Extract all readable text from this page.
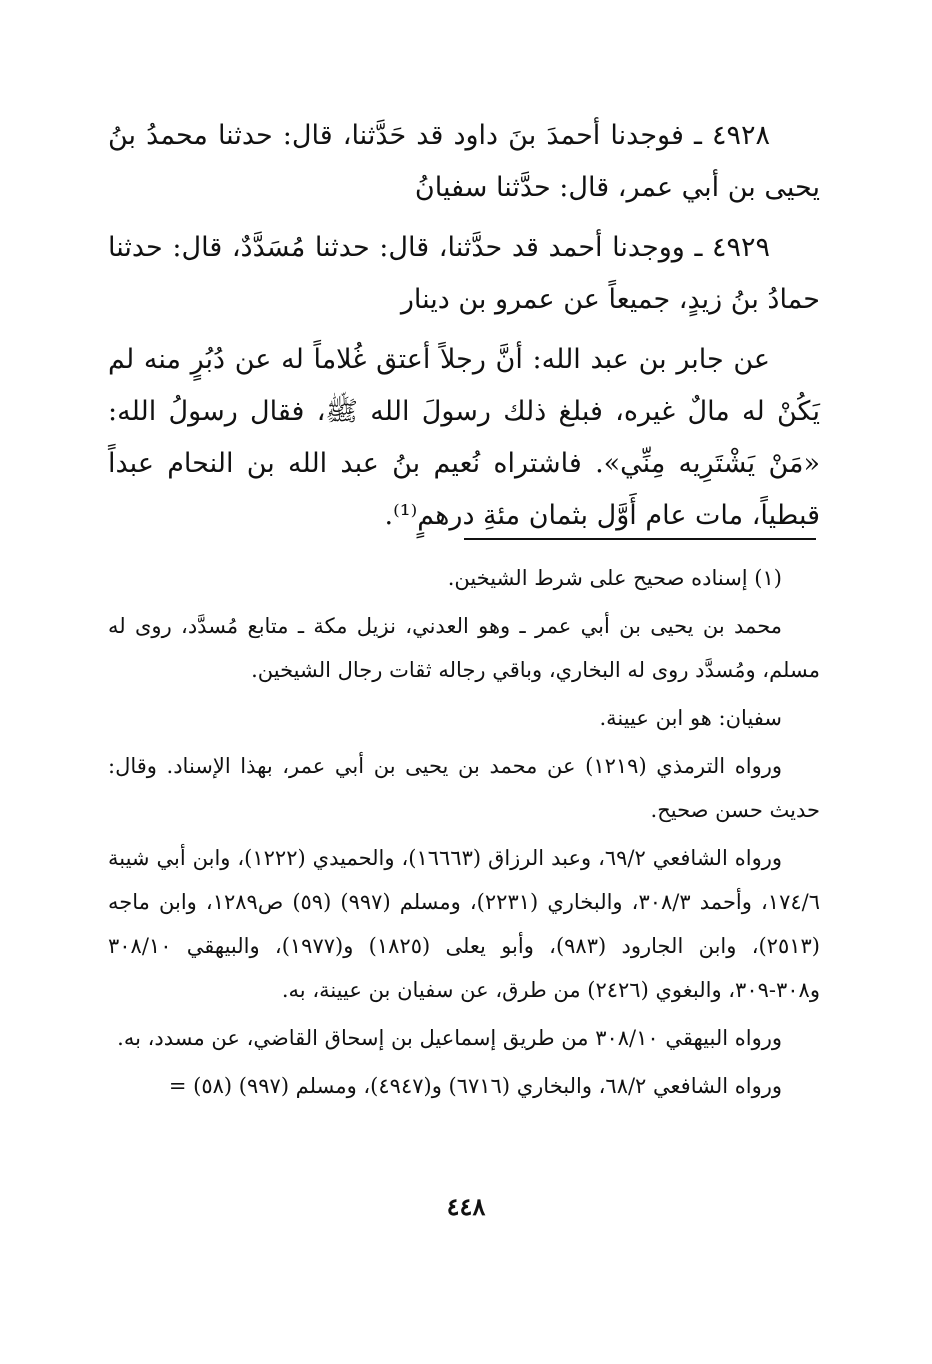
٤٩٢٨ ـ فوجدنا أحمدَ بنَ داود قد حَدَّثنا، قال: حدثنا محمدُ بنُ يحيى بن أبي عمر، قال: حدَّثنا سفيانُ

٤٩٢٩ ـ ووجدنا أحمد قد حدَّثنا، قال: حدثنا مُسَدَّدٌ، قال: حدثنا حمادُ بنُ زيدٍ، جميعاً عن عمرو بن دينار

عن جابر بن عبد الله: أنَّ رجلاً أعتق غُلاماً له عن دُبُرٍ منه لم يَكُنْ له مالٌ غيره، فبلغ ذلك رسولَ الله ﷺ، فقال رسولُ الله: «مَنْ يَشْتَرِيه مِنِّي». فاشتراه نُعيم بنُ عبد الله بن النحام عبداً قبطياً، مات عام أَوَّل بثمان مئةِ درهمٍ⁽¹⁾.

(١) إسناده صحيح على شرط الشيخين.

محمد بن يحيى بن أبي عمر ـ وهو العدني، نزيل مكة ـ متابع مُسدَّد، روى له مسلم، ومُسدَّد روى له البخاري، وباقي رجاله ثقات رجال الشيخين.

سفيان: هو ابن عيينة.

ورواه الترمذي (١٢١٩) عن محمد بن يحيى بن أبي عمر، بهذا الإسناد. وقال: حديث حسن صحيح.

ورواه الشافعي ٦٩/٢، وعبد الرزاق (١٦٦٦٣)، والحميدي (١٢٢٢)، وابن أبي شيبة ١٧٤/٦، وأحمد ٣٠٨/٣، والبخاري (٢٢٣١)، ومسلم (٩٩٧) (٥٩) ص١٢٨٩، وابن ماجه (٢٥١٣)، وابن الجارود (٩٨٣)، وأبو يعلى (١٨٢٥) و(١٩٧٧)، والبيهقي ٣٠٨/١٠ و٣٠٨-٣٠٩، والبغوي (٢٤٢٦) من طرق، عن سفيان بن عيينة، به.

ورواه البيهقي ٣٠٨/١٠ من طريق إسماعيل بن إسحاق القاضي، عن مسدد، به.

ورواه الشافعي ٦٨/٢، والبخاري (٦٧١٦) و(٤٩٤٧)، ومسلم (٩٩٧) (٥٨) =

٤٤٨
